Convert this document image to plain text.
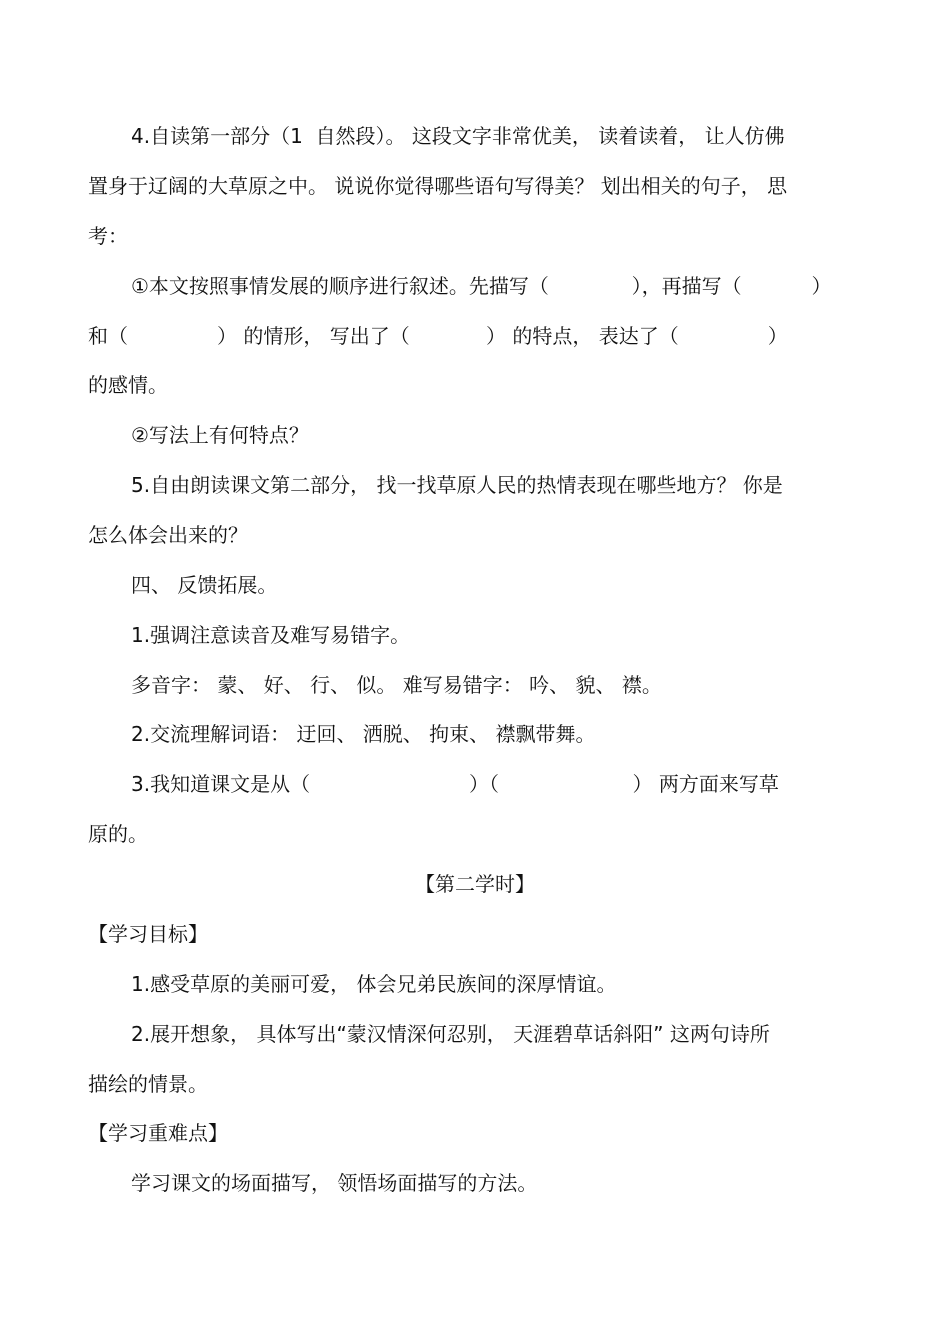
4.自读第一部分（1  自然段）。 这段文字非常优美， 读着读着， 让人仿佛
置身于辽阔的大草原之中。 说说你觉得哪些语句写得美？ 划出相关的句子， 思
考：
①本文按照事情发展的顺序进行叙述。先描写（             ），再描写（           ）
和（              ） 的情形， 写出了（            ） 的特点， 表达了（              ）
的感情。
②写法上有何特点？
5.自由朗读课文第二部分， 找一找草原人民的热情表现在哪些地方？ 你是
怎么体会出来的？
四、 反馈拓展。
1.强调注意读音及难写易错字。
多音字： 蒙、 好、 行、 似。 难写易错字： 吟、 貌、 襟。
2.交流理解词语： 迂回、 洒脱、 拘束、 襟飘带舞。
3.我知道课文是从（                         ）（                     ） 两方面来写草
原的。
【第二学时】
【学习目标】
1.感受草原的美丽可爱， 体会兄弟民族间的深厚情谊。
2.展开想象， 具体写出“蒙汉情深何忍别， 天涯碧草话斜阳” 这两句诗所
描绘的情景。
【学习重难点】
学习课文的场面描写， 领悟场面描写的方法。
